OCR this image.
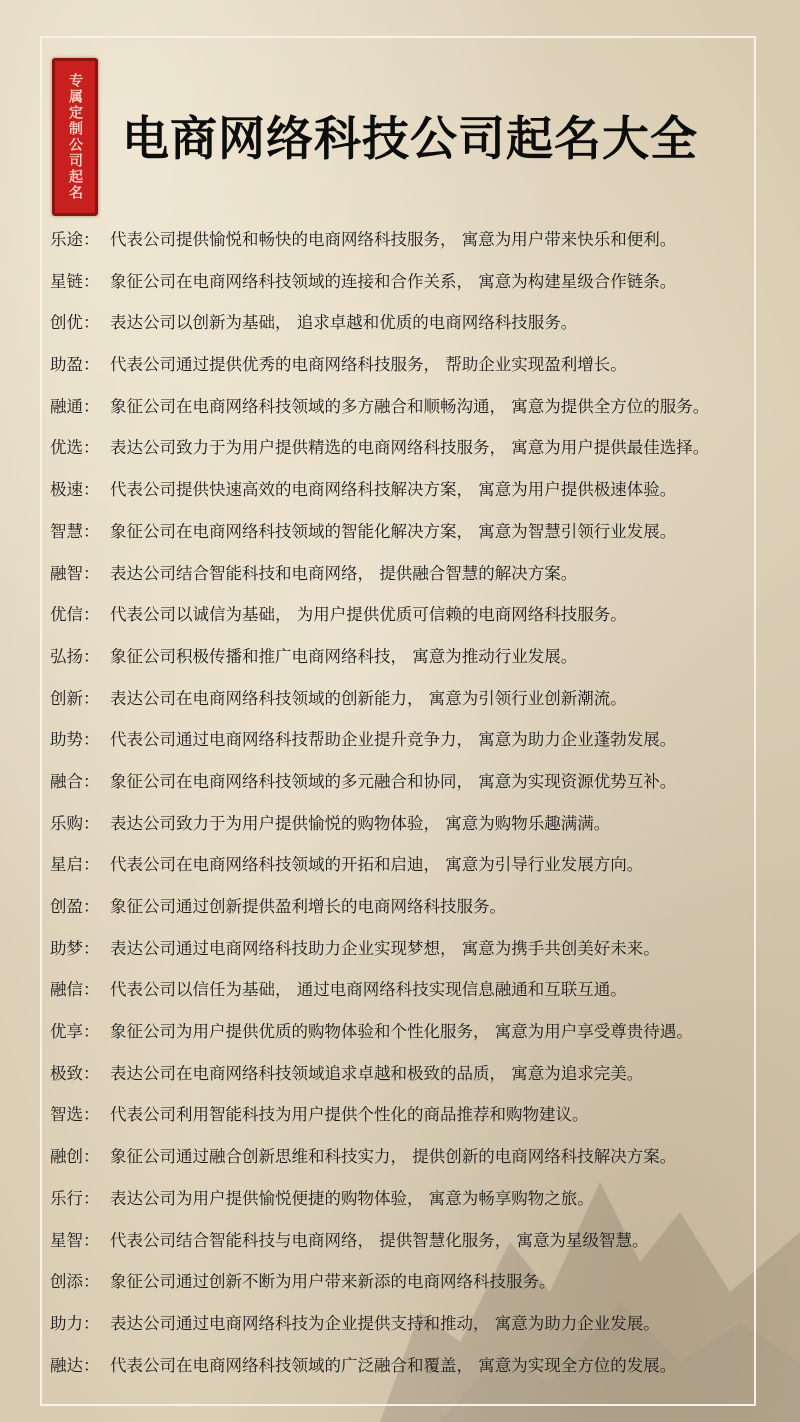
专属定制公司起名 电商网络科技公司起名大全
乐途： 代表公司提供愉悦和畅快的电商网络科技服务， 寓意为用户带来快乐和便利。
星链： 象征公司在电商网络科技领域的连接和合作关系， 寓意为构建星级合作链条。
创优： 表达公司以创新为基础， 追求卓越和优质的电商网络科技服务。
助盈： 代表公司通过提供优秀的电商网络科技服务， 帮助企业实现盈利增长。
融通： 象征公司在电商网络科技领域的多方融合和顺畅沟通， 寓意为提供全方位的服务。
优选： 表达公司致力于为用户提供精选的电商网络科技服务， 寓意为用户提供最佳选择。
极速： 代表公司提供快速高效的电商网络科技解决方案， 寓意为用户提供极速体验。
智慧： 象征公司在电商网络科技领域的智能化解决方案， 寓意为智慧引领行业发展。
融智： 表达公司结合智能科技和电商网络， 提供融合智慧的解决方案。
优信： 代表公司以诚信为基础， 为用户提供优质可信赖的电商网络科技服务。
弘扬： 象征公司积极传播和推广电商网络科技， 寓意为推动行业发展。
创新： 表达公司在电商网络科技领域的创新能力， 寓意为引领行业创新潮流。
助势： 代表公司通过电商网络科技帮助企业提升竞争力， 寓意为助力企业蓬勃发展。
融合： 象征公司在电商网络科技领域的多元融合和协同， 寓意为实现资源优势互补。
乐购： 表达公司致力于为用户提供愉悦的购物体验， 寓意为购物乐趣满满。
星启： 代表公司在电商网络科技领域的开拓和启迪， 寓意为引导行业发展方向。
创盈： 象征公司通过创新提供盈利增长的电商网络科技服务。
助梦： 表达公司通过电商网络科技助力企业实现梦想， 寓意为携手共创美好未来。
融信： 代表公司以信任为基础， 通过电商网络科技实现信息融通和互联互通。
优享： 象征公司为用户提供优质的购物体验和个性化服务， 寓意为用户享受尊贵待遇。
极致： 表达公司在电商网络科技领域追求卓越和极致的品质， 寓意为追求完美。
智选： 代表公司利用智能科技为用户提供个性化的商品推荐和购物建议。
融创： 象征公司通过融合创新思维和科技实力， 提供创新的电商网络科技解决方案。
乐行： 表达公司为用户提供愉悦便捷的购物体验， 寓意为畅享购物之旅。
星智： 代表公司结合智能科技与电商网络， 提供智慧化服务， 寓意为星级智慧。
创添： 象征公司通过创新不断为用户带来新添的电商网络科技服务。
助力： 表达公司通过电商网络科技为企业提供支持和推动， 寓意为助力企业发展。
融达： 代表公司在电商网络科技领域的广泛融合和覆盖， 寓意为实现全方位的发展。
